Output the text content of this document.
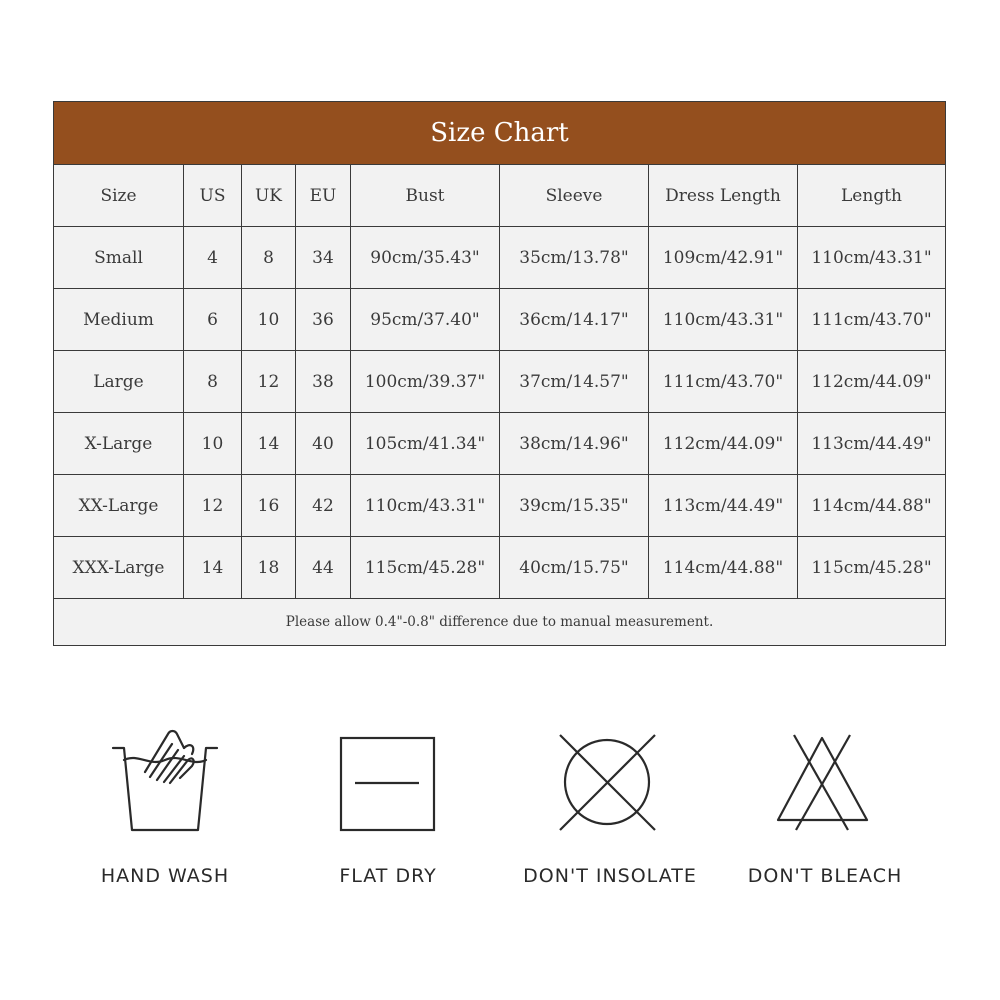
Size Chart							
Size	US	UK	EU	Bust	Sleeve	Dress Length	Length
Small	4	8	34	90cm/35.43"	35cm/13.78"	109cm/42.91"	110cm/43.31"
Medium	6	10	36	95cm/37.40"	36cm/14.17"	110cm/43.31"	111cm/43.70"
Large	8	12	38	100cm/39.37"	37cm/14.57"	111cm/43.70"	112cm/44.09"
X-Large	10	14	40	105cm/41.34"	38cm/14.96"	112cm/44.09"	113cm/44.49"
XX-Large	12	16	42	110cm/43.31"	39cm/15.35"	113cm/44.49"	114cm/44.88"
XXX-Large	14	18	44	115cm/45.28"	40cm/15.75"	114cm/44.88"	115cm/45.28"
Please allow 0.4"-0.8" difference due to manual measurement.							
HAND WASH	FLAT DRY	DON'T INSOLATE	DON'T BLEACH
